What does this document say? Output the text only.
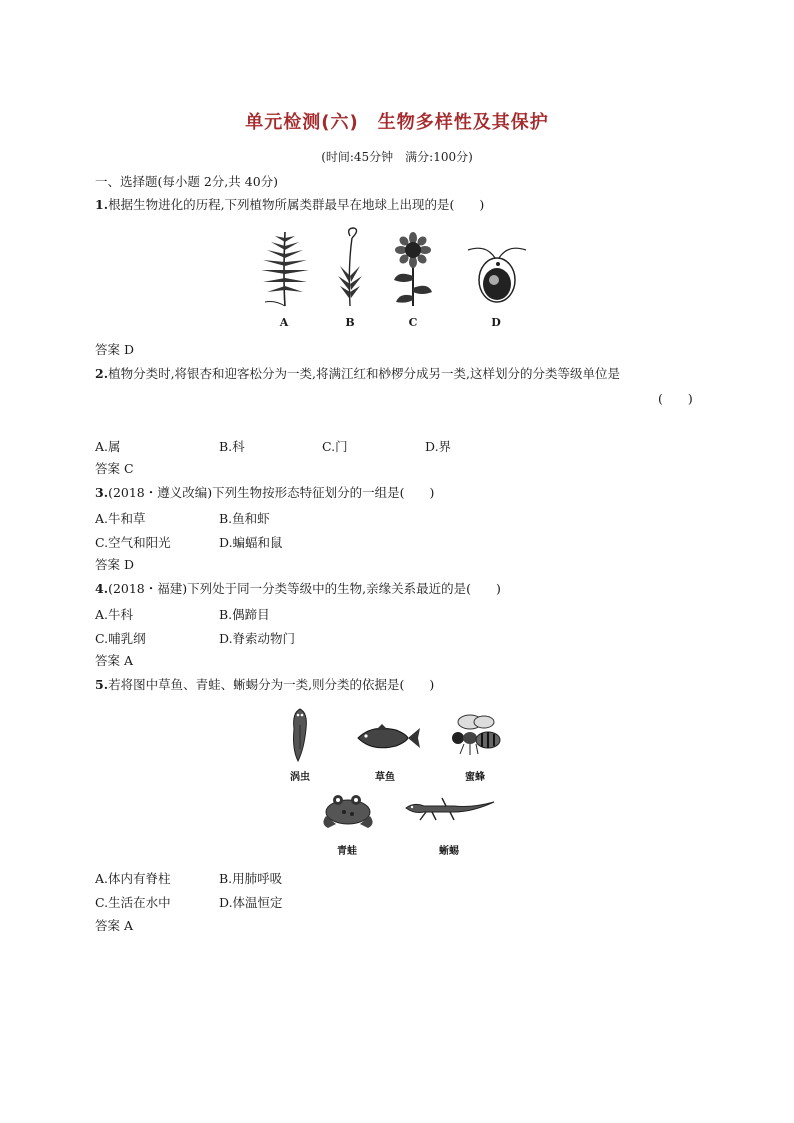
单元检测(六)　生物多样性及其保护
(时间:45分钟　满分:100分)
一、选择题(每小题 2分,共 40分)
1.根据生物进化的历程,下列植物所属类群最早在地球上出现的是(　　)
A	B	C	D
答案 D
2.植物分类时,将银杏和迎客松分为一类,将满江红和桫椤分成另一类,这样划分的分类等级单位是
(　　)
A.属	B.科	C.门	D.界
答案 C
3.(2018・遵义改编)下列生物按形态特征划分的一组是(　　)
A.牛和草	B.鱼和虾
C.空气和阳光	D.蝙蝠和鼠
答案 D
4.(2018・福建)下列处于同一分类等级中的生物,亲缘关系最近的是(　　)
A.牛科	B.偶蹄目
C.哺乳纲	D.脊索动物门
答案 A
5.若将图中草鱼、青蛙、蜥蜴分为一类,则分类的依据是(　　)
涡虫	草鱼	蜜蜂
青蛙	蜥蜴
A.体内有脊柱	B.用肺呼吸
C.生活在水中	D.体温恒定
答案 A
